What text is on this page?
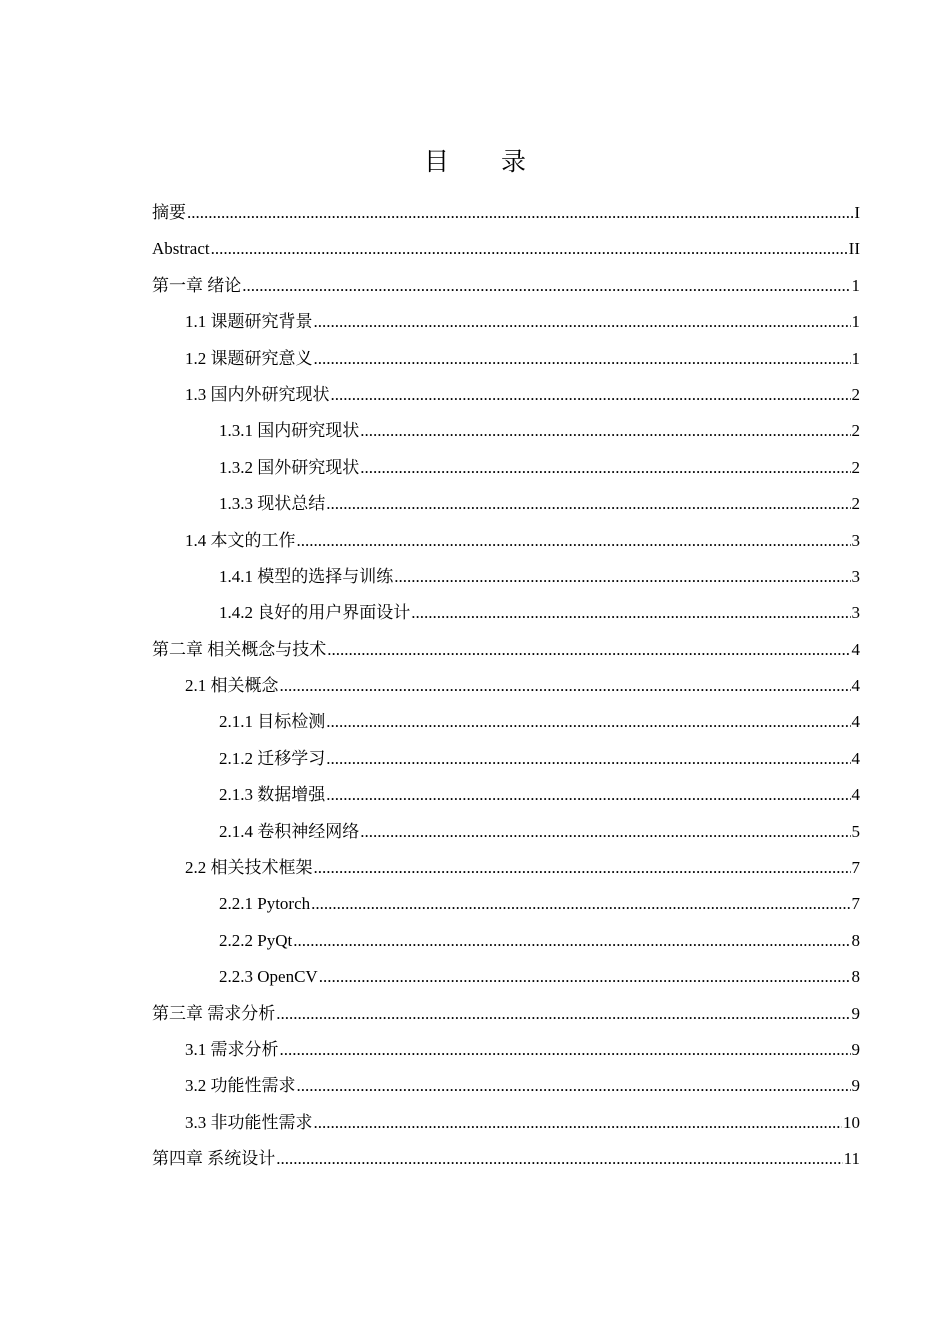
目 录
摘要 .....	I
Abstract .....	II
第一章 绪论 .....	1
1.1 课题研究背景 .....	1
1.2 课题研究意义 .....	1
1.3 国内外研究现状 .....	2
1.3.1 国内研究现状 .....	2
1.3.2 国外研究现状 .....	2
1.3.3 现状总结 .....	2
1.4 本文的工作 .....	3
1.4.1 模型的选择与训练 .....	3
1.4.2 良好的用户界面设计 .....	3
第二章 相关概念与技术 .....	4
2.1 相关概念 .....	4
2.1.1 目标检测 .....	4
2.1.2 迁移学习 .....	4
2.1.3 数据增强 .....	4
2.1.4 卷积神经网络 .....	5
2.2 相关技术框架 .....	7
2.2.1 Pytorch .....	7
2.2.2 PyQt .....	8
2.2.3 OpenCV .....	8
第三章 需求分析 .....	9
3.1 需求分析 .....	9
3.2 功能性需求 .....	9
3.3 非功能性需求 .....	10
第四章 系统设计 .....	11
